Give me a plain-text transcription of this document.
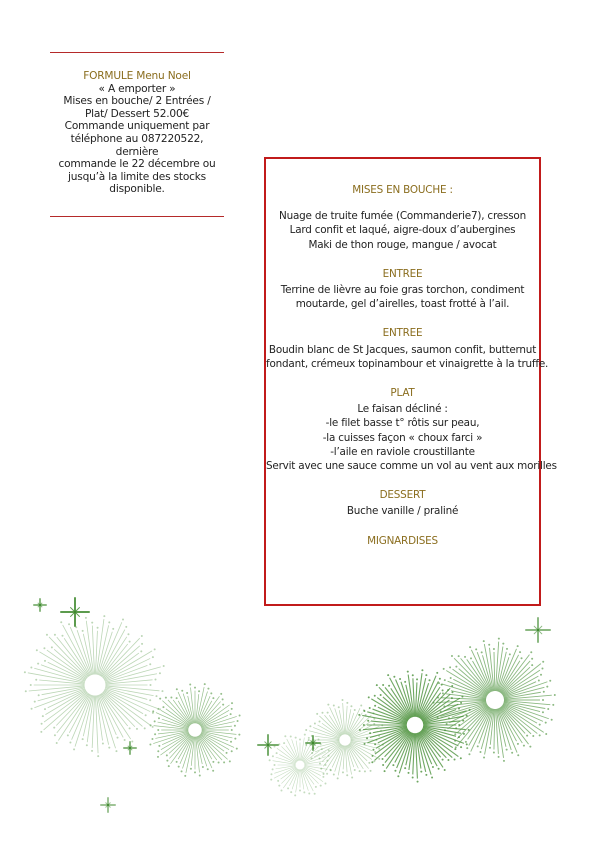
FORMULE Menu Noel
« A emporter »
Mises en bouche/ 2 Entrées /
Plat/ Dessert 52.00€
Commande uniquement par
téléphone au 087220522, dernière
commande le 22 décembre ou
jusqu’à la limite des stocks
disponible.	MISES EN BOUCHE :
Nuage de truite fumée (Commanderie7), cresson
Lard confit et laqué, aigre-doux d’aubergines
Maki de thon rouge, mangue / avocat
ENTREE
Terrine de lièvre au foie gras torchon, condiment
moutarde, gel d’airelles, toast frotté à l’ail.
ENTREE
Boudin blanc de St Jacques, saumon confit, butternut
fondant, crémeux topinambour et vinaigrette à la truffe.
PLAT
Le faisan décliné :
-le filet basse t° rôtis sur peau,
-la cuisses façon « choux farci »
-l’aile en raviole croustillante
Servit avec une sauce comme un vol au vent aux morilles
DESSERT
Buche vanille / praliné
MIGNARDISES
